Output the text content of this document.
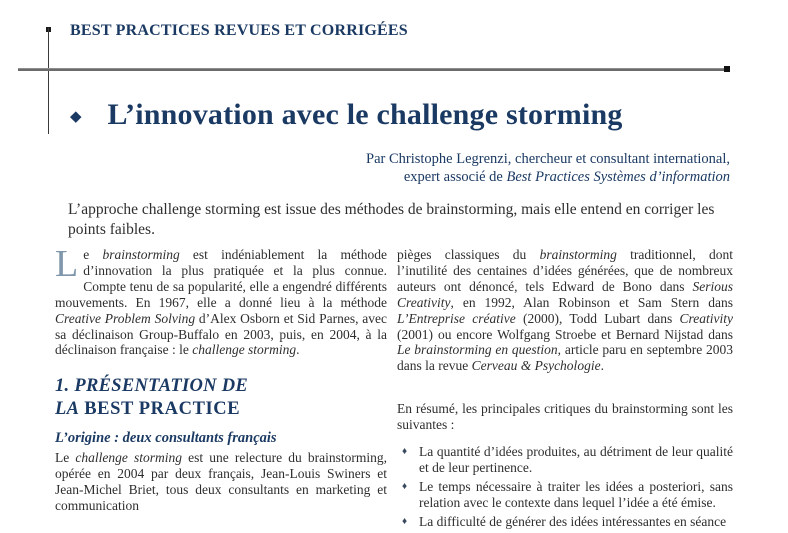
BEST PRACTICES REVUES ET CORRIGÉES
◆ L’innovation avec le challenge storming
Par Christophe Legrenzi, chercheur et consultant international,
expert associé de Best Practices Systèmes d’information

L’approche challenge storming est issue des méthodes de brainstorming, mais elle entend en corriger les points faibles.

Le brainstorming est indéniablement la méthode d’innovation la plus pratiquée et la plus connue. Compte tenu de sa popularité, elle a engendré différents mouvements. En 1967, elle a donné lieu à la méthode Creative Problem Solving d’Alex Osborn et Sid Parnes, avec sa déclinaison Group-Buffalo en 2003, puis, en 2004, à la déclinaison française : le challenge storming.

1. PRÉSENTATION DE
LA BEST PRACTICE
L’origine : deux consultants français

Le challenge storming est une relecture du brainstorming, opérée en 2004 par deux français, Jean-Louis Swiners et Jean-Michel Briet, tous deux consultants en marketing et communication

pièges classiques du brainstorming traditionnel, dont l’inutilité des centaines d’idées générées, que de nombreux auteurs ont dénoncé, tels Edward de Bono dans Serious Creativity, en 1992, Alan Robinson et Sam Stern dans L’Entreprise créative (2000), Todd Lubart dans Creativity (2001) ou encore Wolfgang Stroebe et Bernard Nijstad dans Le brainstorming en question, article paru en septembre 2003 dans la revue Cerveau & Psychologie.

En résumé, les principales critiques du brainstorming sont les suivantes :

♦ La quantité d’idées produites, au détriment de leur qualité et de leur pertinence.
♦ Le temps nécessaire à traiter les idées a posteriori, sans relation avec le contexte dans lequel l’idée a été émise.
♦ La difficulté de générer des idées intéressantes en séance
